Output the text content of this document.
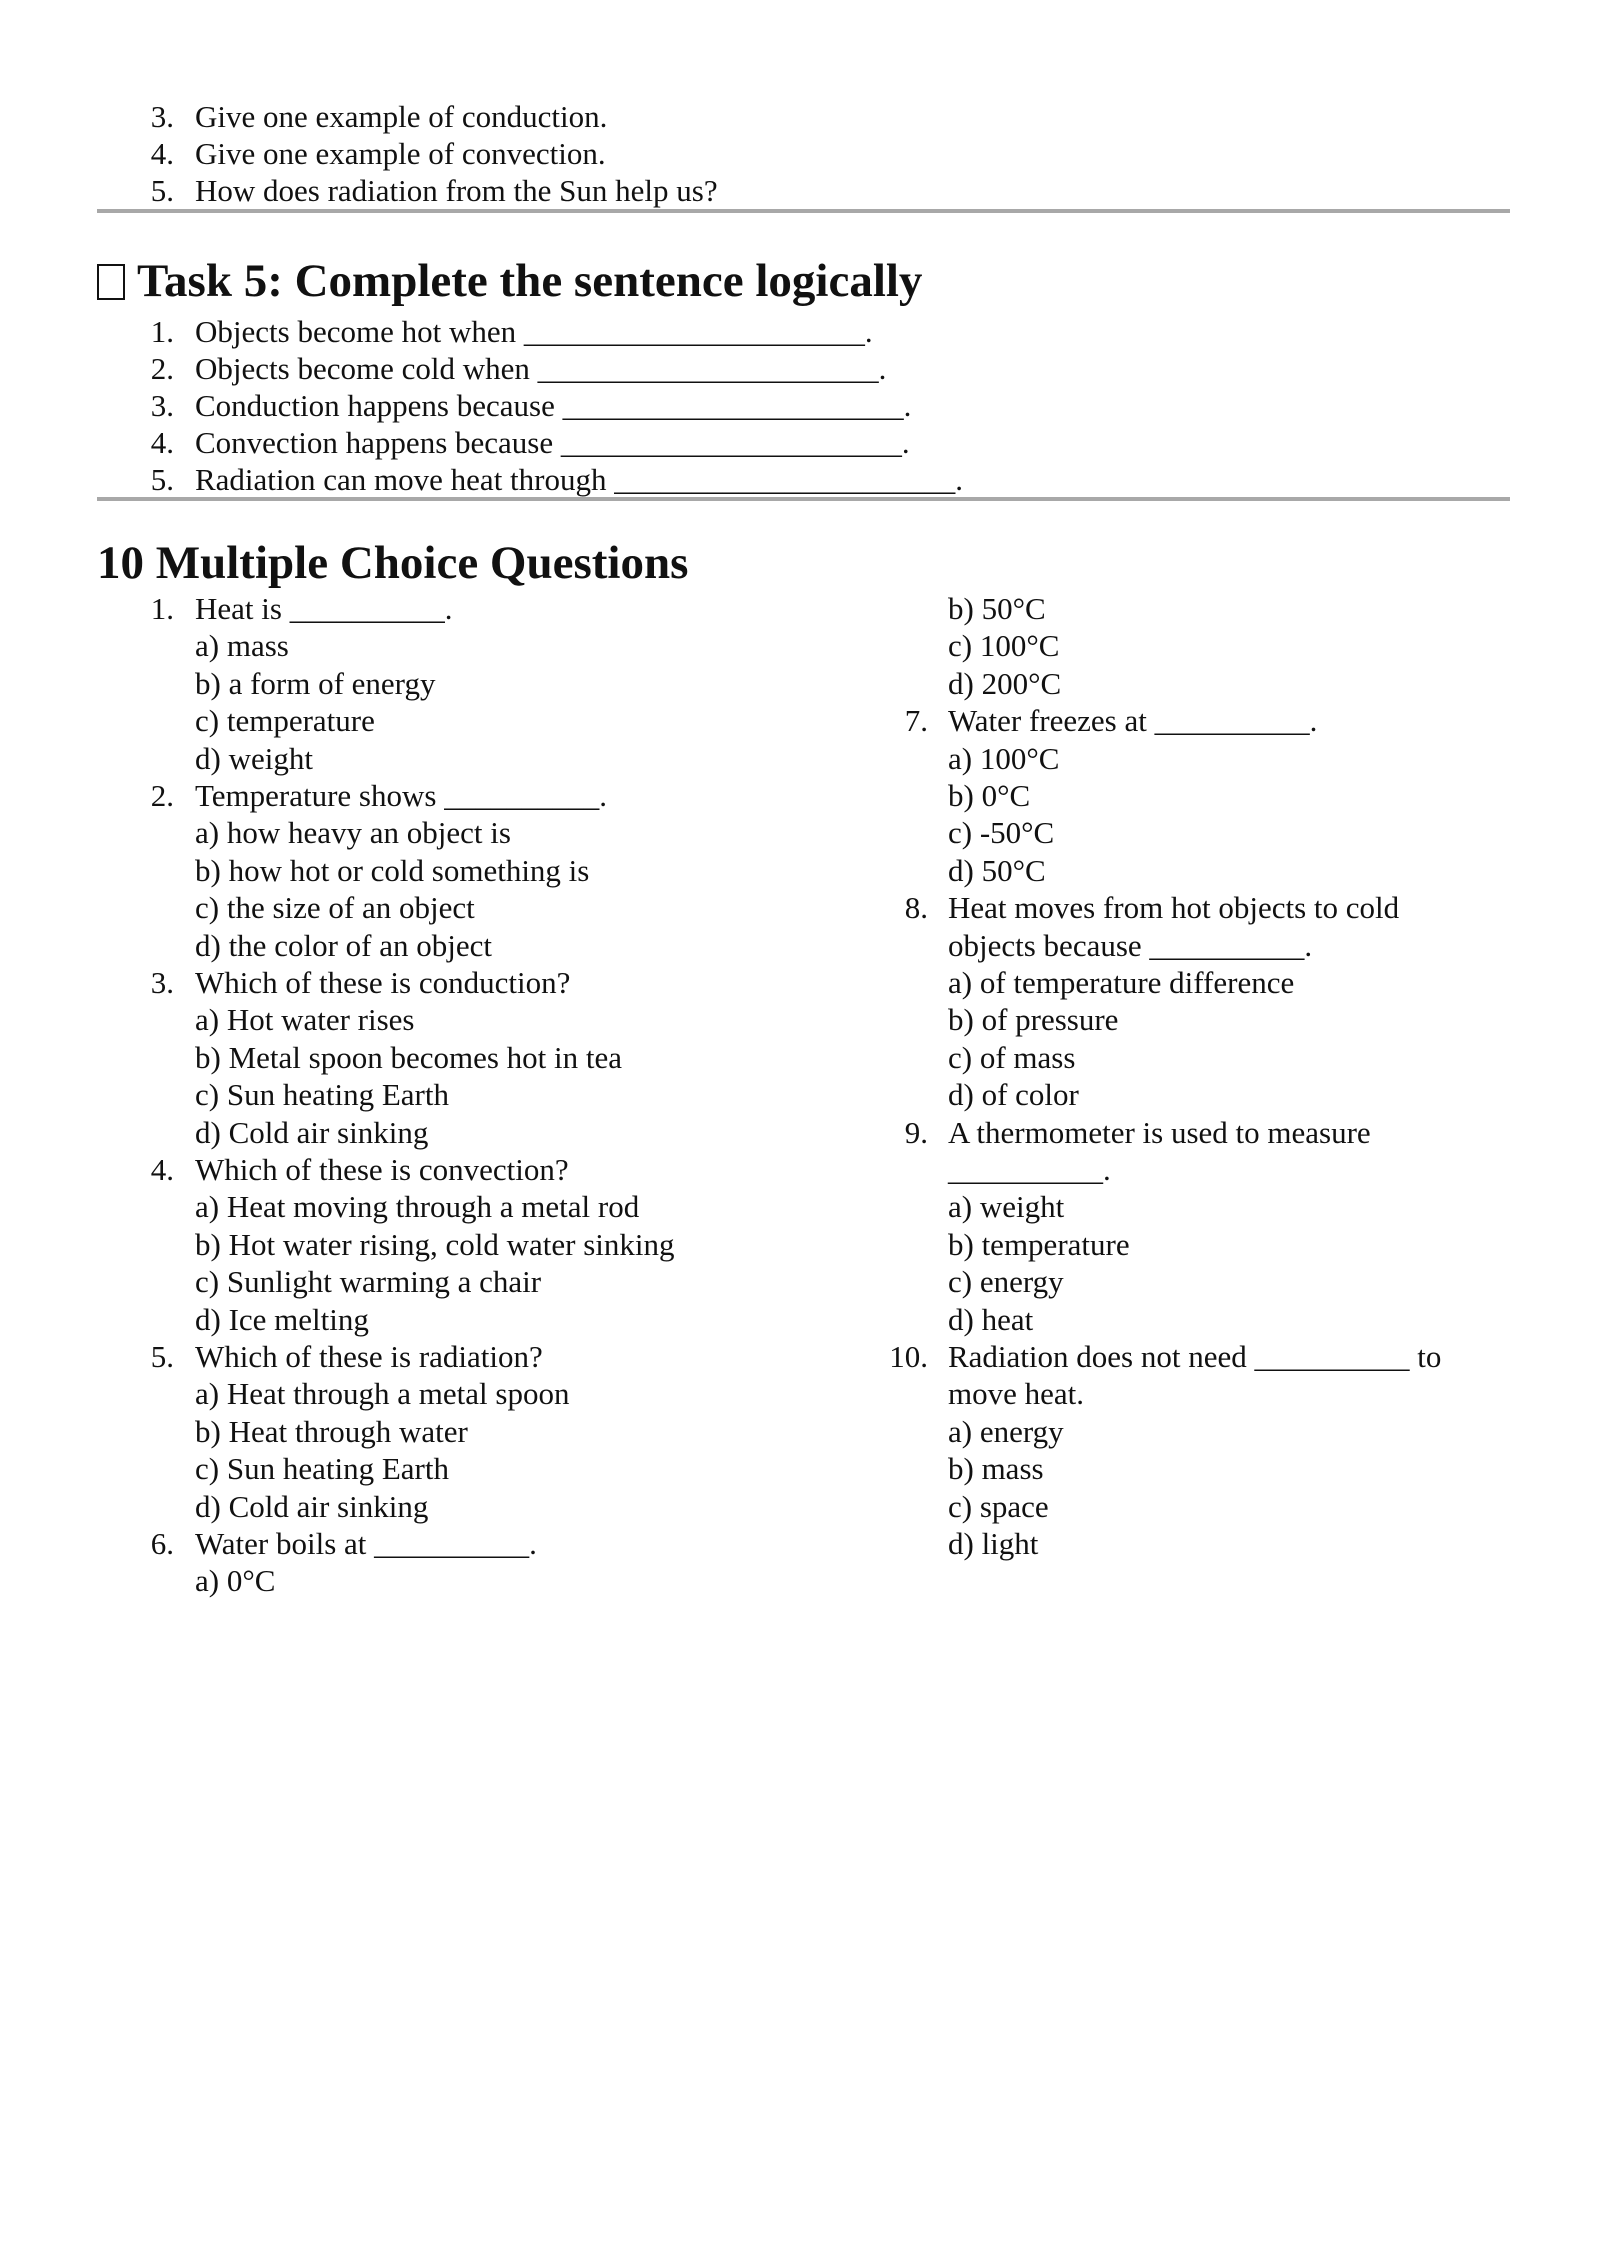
3. Give one example of conduction.
4. Give one example of convection.
5. How does radiation from the Sun help us?
Task 5: Complete the sentence logically
1. Objects become hot when ______________________.
2. Objects become cold when ______________________.
3. Conduction happens because ______________________.
4. Convection happens because ______________________.
5. Radiation can move heat through ______________________.
10 Multiple Choice Questions
1. Heat is __________.
a) mass
b) a form of energy
c) temperature
d) weight
2. Temperature shows __________.
a) how heavy an object is
b) how hot or cold something is
c) the size of an object
d) the color of an object
3. Which of these is conduction?
a) Hot water rises
b) Metal spoon becomes hot in tea
c) Sun heating Earth
d) Cold air sinking
4. Which of these is convection?
a) Heat moving through a metal rod
b) Hot water rising, cold water sinking
c) Sunlight warming a chair
d) Ice melting
5. Which of these is radiation?
a) Heat through a metal spoon
b) Heat through water
c) Sun heating Earth
d) Cold air sinking
6. Water boils at __________.
a) 0°C
b) 50°C
c) 100°C
d) 200°C
7. Water freezes at __________.
a) 100°C
b) 0°C
c) -50°C
d) 50°C
8. Heat moves from hot objects to cold
objects because __________.
a) of temperature difference
b) of pressure
c) of mass
d) of color
9. A thermometer is used to measure
__________.
a) weight
b) temperature
c) energy
d) heat
10. Radiation does not need __________ to
move heat.
a) energy
b) mass
c) space
d) light
